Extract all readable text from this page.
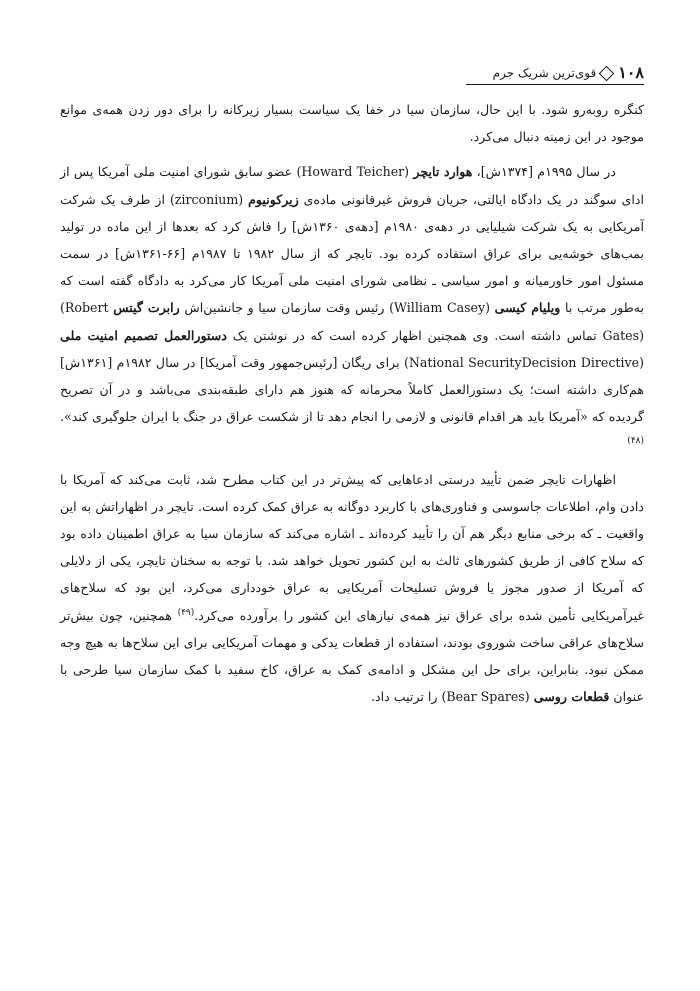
۱۰۸
قوی‌ترین شریک جرم

کنگره روبه‌رو شود. با این حال، سازمان سیا در خفا یک سیاست بسیار زیرکانه را برای دور زدن همه‌ی موانع موجود در این زمینه دنبال می‌کرد.

در سال ۱۹۹۵م [۱۳۷۴ش]، هوارد تایچر (Howard Teicher) عضو سابق شورای امنیت ملی آمریکا پس از ادای سوگند در یک دادگاه ایالتی، جریان فروش غیرقانونی ماده‌ی زیرکونیوم (zirconium) از طرف یک شرکت آمریکایی به یک شرکت شیلیایی در دهه‌ی ۱۹۸۰م [دهه‌ی ۱۳۶۰ش] را فاش کرد که بعدها از این ماده در تولید بمب‌های خوشه‌یی برای عراق استفاده کرده بود. تایچر که از سال ۱۹۸۲ تا ۱۹۸۷م [۶۶-۱۳۶۱ش] در سمت مسئول امور خاورمیانه و امور سیاسی ـ نظامی شورای امنیت ملی آمریکا کار می‌کرد به دادگاه گفته است که به‌طور مرتب با ویلیام کیسی (William Casey) رئیس وقت سازمان سیا و جانشین‌اش رابرت گیتس (Robert Gates) تماس داشته است. وی همچنین اظهار کرده است که در نوشتن یک دستورالعمل تصمیم امنیت ملی (National SecurityDecision Directive) برای ریگان [رئیس‌جمهور وقت آمریکا] در سال ۱۹۸۲م [۱۳۶۱ش] هم‌کاری داشته است؛ یک دستورالعمل کاملاً محرمانه که هنوز هم دارای طبقه‌بندی می‌باشد و در آن تصریح گردیده که «آمریکا باید هر اقدام قانونی و لازمی را انجام دهد تا از شکست عراق در جنگ با ایران جلوگیری کند».$^{(۴۸)}$

اظهارات تایچر ضمن تأیید درستی ادعاهایی که پیش‌تر در این کتاب مطرح شد، ثابت می‌کند که آمریکا با دادن وام، اطلاعات جاسوسی و فناوری‌های با کاربرد دوگانه به عراق کمک کرده است. تایچر در اظهاراتش به این واقعیت ـ که برخی منابع دیگر هم آن را تأیید کرده‌اند ـ اشاره می‌کند که سازمان سیا به عراق اطمینان داده بود که سلاح کافی از طریق کشورهای ثالث به این کشور تحویل خواهد شد. با توجه به سخنان تایچر، یکی از دلایلی که آمریکا از صدور مجوز یا فروش تسلیحات آمریکایی به عراق خودداری می‌کرد، این بود که سلاح‌های غیرآمریکایی تأمین شده برای عراق نیز همه‌ی نیازهای این کشور را برآورده می‌کرد.$^{(۴۹)}$ همچنین، چون بیش‌تر سلاح‌های عراقی ساخت شوروی بودند، استفاده از قطعات یدکی و مهمات آمریکایی برای این سلاح‌ها به هیچ وجه ممکن نبود. بنابراین، برای حل این مشکل و ادامه‌ی کمک به عراق، کاخ سفید با کمک سازمان سیا طرحی با عنوان قطعات روسی (Bear Spares) را ترتیب داد.
